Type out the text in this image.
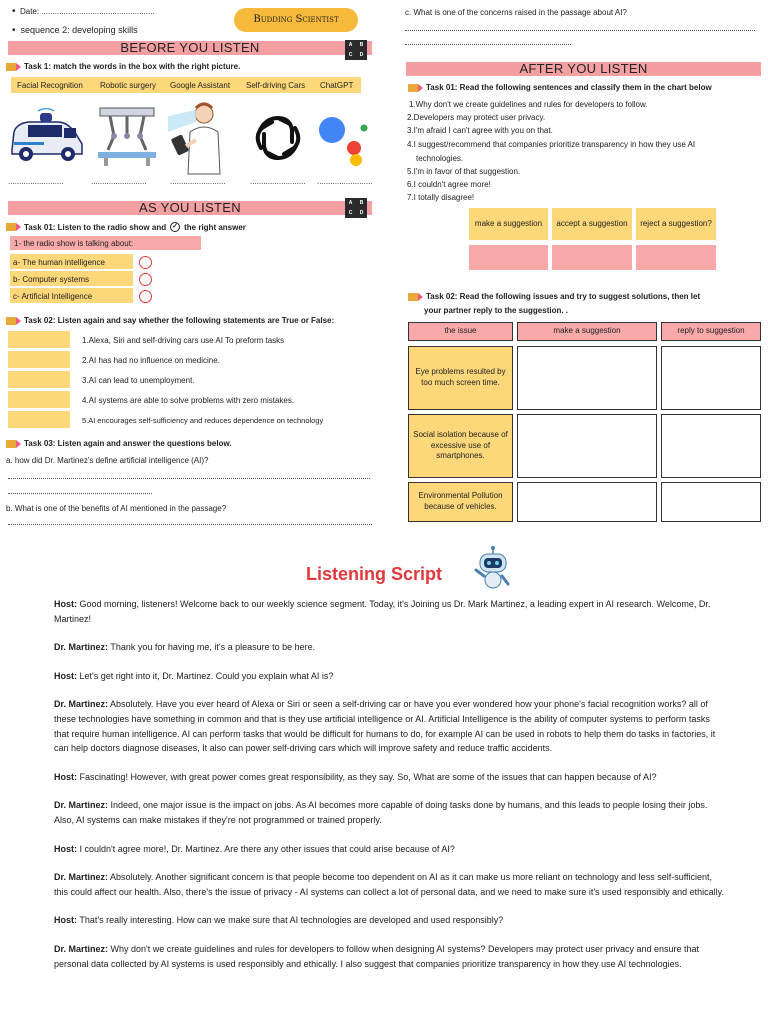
• Date: ...................................................
• sequence 2: developing skills
Budding Scientist
BEFORE YOU LISTEN	A B
C D
Task 1: match the words in the box with the right picture.
Facial Recognition Robotic surgery Google Assistant Self-driving Cars ChatGPT
.........................	.........................	.........................	......................... .........................
AS YOU LISTEN	A B
C D
Task 01: Listen to the radio show and ✓ the right answer
1- the radio show is talking about:
a- The human intelligence
b- Computer systems
c- Artificial Intelligence
Task 02: Listen again and say whether the following statements are True or False:
1.Alexa, Siri and self-driving cars use AI To preform tasks
2.AI has had no influence on medicine.
3.AI can lead to unemployment.
4.AI systems are able to solve problems with zero mistakes.
5.AI encourages self-sufficiency and reduces dependence on technology
Task 03: Listen again and answer the questions below.
a. how did Dr. Martinez's define artificial intelligence (AI)?
b. What is one of the benefits of AI mentioned in the passage?
c. What is one of the concerns raised in the passage about AI?
AFTER YOU LISTEN
Task 01: Read the following sentences and classify them in the chart below
1.Why don't we create guidelines and rules for developers to follow.
2.Developers may protect user privacy.
3.I'm afraid I can't agree with you on that.
4.I suggest/recommend that companies prioritize transparency in how they use AI
technologies.
5.I'm in favor of that suggestion.
6.I couldn't agree more!
7.I totally disagree!
make a suggestion	accept a suggestion	reject a suggestion?
Task 02: Read the following issues and try to suggest solutions, then let
your partner reply to the suggestion. .
the issue	make a suggestion	reply to suggestion
Eye problems resulted by too much screen time.
Social isolation because of excessive use of smartphones.
Environmental Pollution because of vehicles.
Listening Script

Host: Good morning, listeners! Welcome back to our weekly science segment. Today, it's Joining us Dr. Mark Martinez, a leading expert in AI research. Welcome, Dr. Martinez!

Dr. Martinez: Thank you for having me, it's a pleasure to be here.

Host: Let's get right into it, Dr. Martinez. Could you explain what AI is?

Dr. Martinez: Absolutely. Have you ever heard of Alexa or Siri or seen a self-driving car or have you ever wondered how your phone's facial recognition works? all of these technologies have something in common and that is they use artificial intelligence or AI. Artificial Intelligence is the ability of computer systems to perform tasks that require human intelligence. AI can perform tasks that would be difficult for humans to do, for example AI can be used in robots to help them do tasks in factories, it can help doctors diagnose diseases, It also can power self-driving cars which will improve safety and reduce traffic accidents.

Host: Fascinating! However, with great power comes great responsibility, as they say. So, What are some of the issues that can happen because of AI?

Dr. Martinez: Indeed, one major issue is the impact on jobs. As AI becomes more capable of doing tasks done by humans, and this leads to people losing their jobs. Also, AI systems can make mistakes if they're not programmed or trained properly.

Host: I couldn't agree more!, Dr. Martinez. Are there any other issues that could arise because of AI?

Dr. Martinez: Absolutely. Another significant concern is that people become too dependent on AI as it can make us more reliant on technology and less self-sufficient, this could affect our health. Also, there's the issue of privacy - AI systems can collect a lot of personal data, and we need to make sure it's used responsibly and ethically.

Host: That's really interesting. How can we make sure that AI technologies are developed and used responsibly?

Dr. Martinez: Why don't we create guidelines and rules for developers to follow when designing AI systems? Developers may protect user privacy and ensure that personal data collected by AI systems is used responsibly and ethically. I also suggest that companies prioritize transparency in how they use AI technologies.
